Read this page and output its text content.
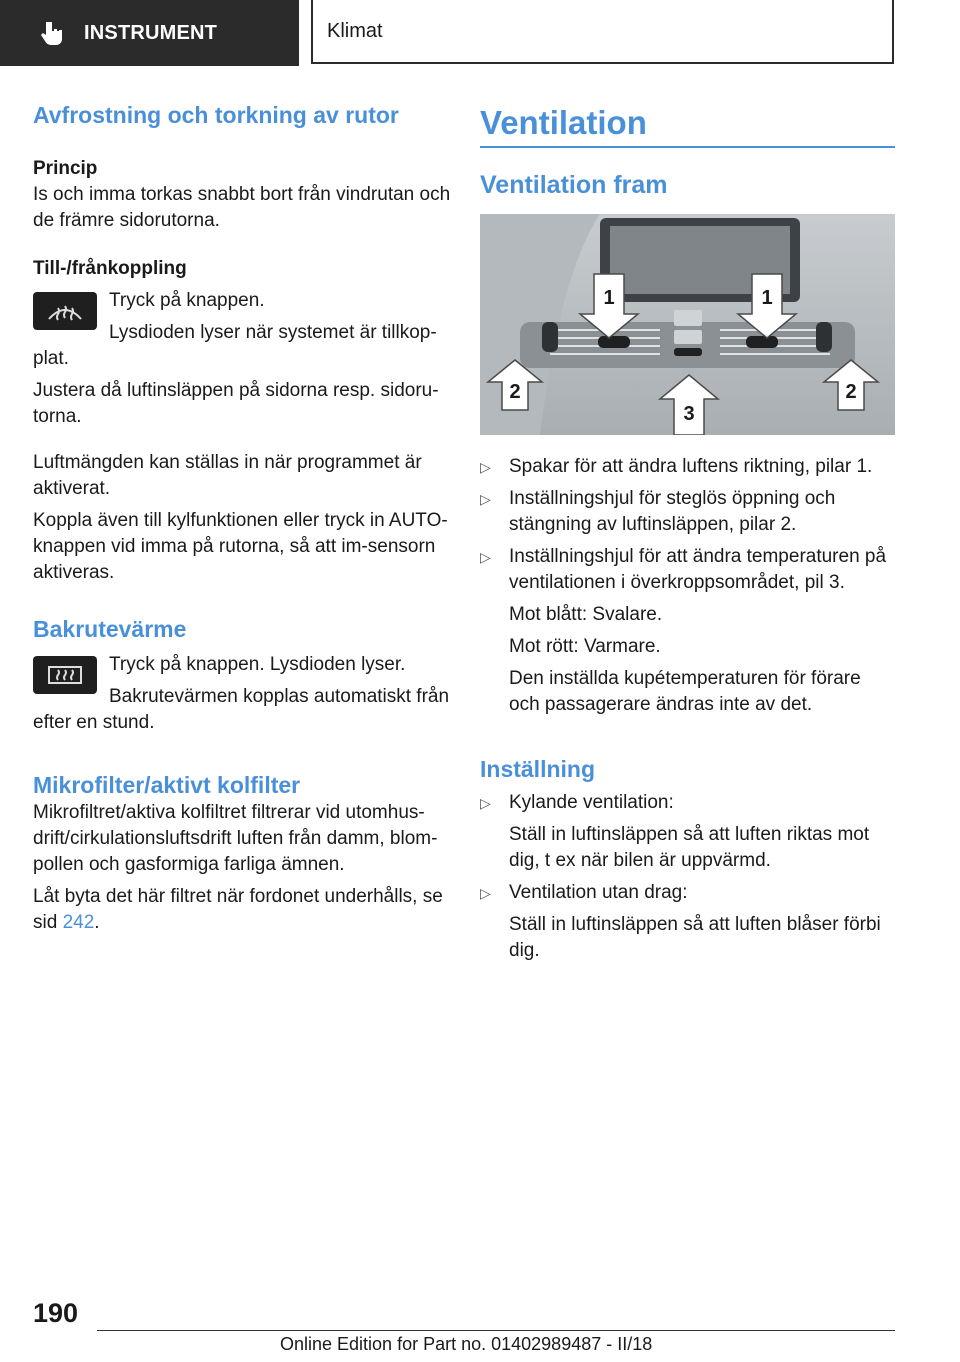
INSTRUMENT	Klimat
Avfrostning och torkning av rutor
Princip

Is och imma torkas snabbt bort från vindrutan och de främre sidorutorna.

Till-/frånkoppling

Tryck på knappen.

Lysdioden lyser när systemet är tillkop-plat.

Justera då luftinsläppen på sidorna resp. sidoru-torna.

Luftmängden kan ställas in när programmet är aktiverat.

Koppla även till kylfunktionen eller tryck in AUTO-knappen vid imma på rutorna, så att im-sensorn aktiveras.

Bakrutevärme

Tryck på knappen. Lysdioden lyser.

Bakrutevärmen kopplas automatiskt från efter en stund.

Mikrofilter/aktivt kolfilter

Mikrofiltret/aktiva kolfiltret filtrerar vid utomhus-drift/cirkulationsluftsdrift luften från damm, blom-pollen och gasformiga farliga ämnen.

Låt byta det här filtret när fordonet underhålls, se sid 242.

Ventilation
Ventilation fram
1	1
2
3
2
▷ Spakar för att ändra luftens riktning, pilar 1.
▷ Inställningshjul för steglös öppning och stängning av luftinsläppen, pilar 2.
▷ Inställningshjul för att ändra temperaturen på ventilationen i överkroppsområdet, pil 3.
Mot blått: Svalare.
Mot rött: Varmare.
Den inställda kupétemperaturen för förare och passagerare ändras inte av det.
Inställning
▷ Kylande ventilation:
Ställ in luftinsläppen så att luften riktas mot dig, t ex när bilen är uppvärmd.
▷ Ventilation utan drag:
Ställ in luftinsläppen så att luften blåser förbi dig.
190
Online Edition for Part no. 01402989487 - II/18
